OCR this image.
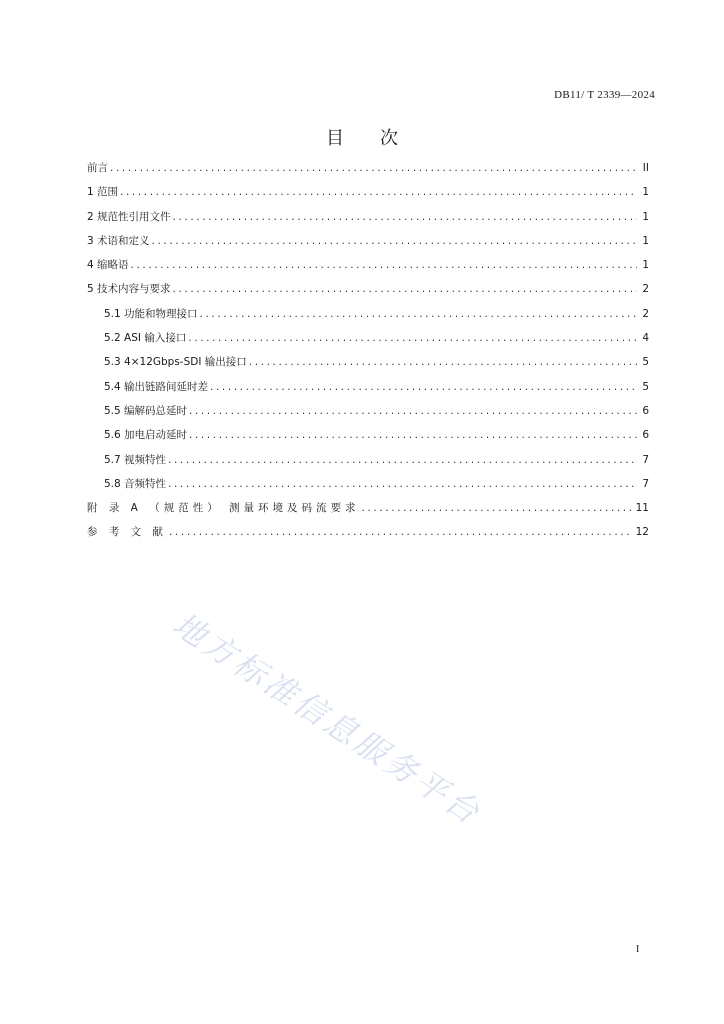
DB11/ T 2339—2024
目 次
前言 .....	II
1 范围 .....	1
2 规范性引用文件 .....	1
3 术语和定义 .....	1
4 缩略语 .....	1
5 技术内容与要求 .....	2
5.1 功能和物理接口 .....	2
5.2 ASI 输入接口 .....	4
5.3 4×12Gbps-SDI 输出接口 .....	5
5.4 输出链路间延时差 .....	5
5.5 编解码总延时 .....	6
5.6 加电启动延时 .....	6
5.7 视频特性 .....	7
5.8 音频特性 .....	7
附 录 A （规范性） 测量环境及码流要求 .....	11
参 考 文 献 .....	12
地方标准信息服务平台
I
